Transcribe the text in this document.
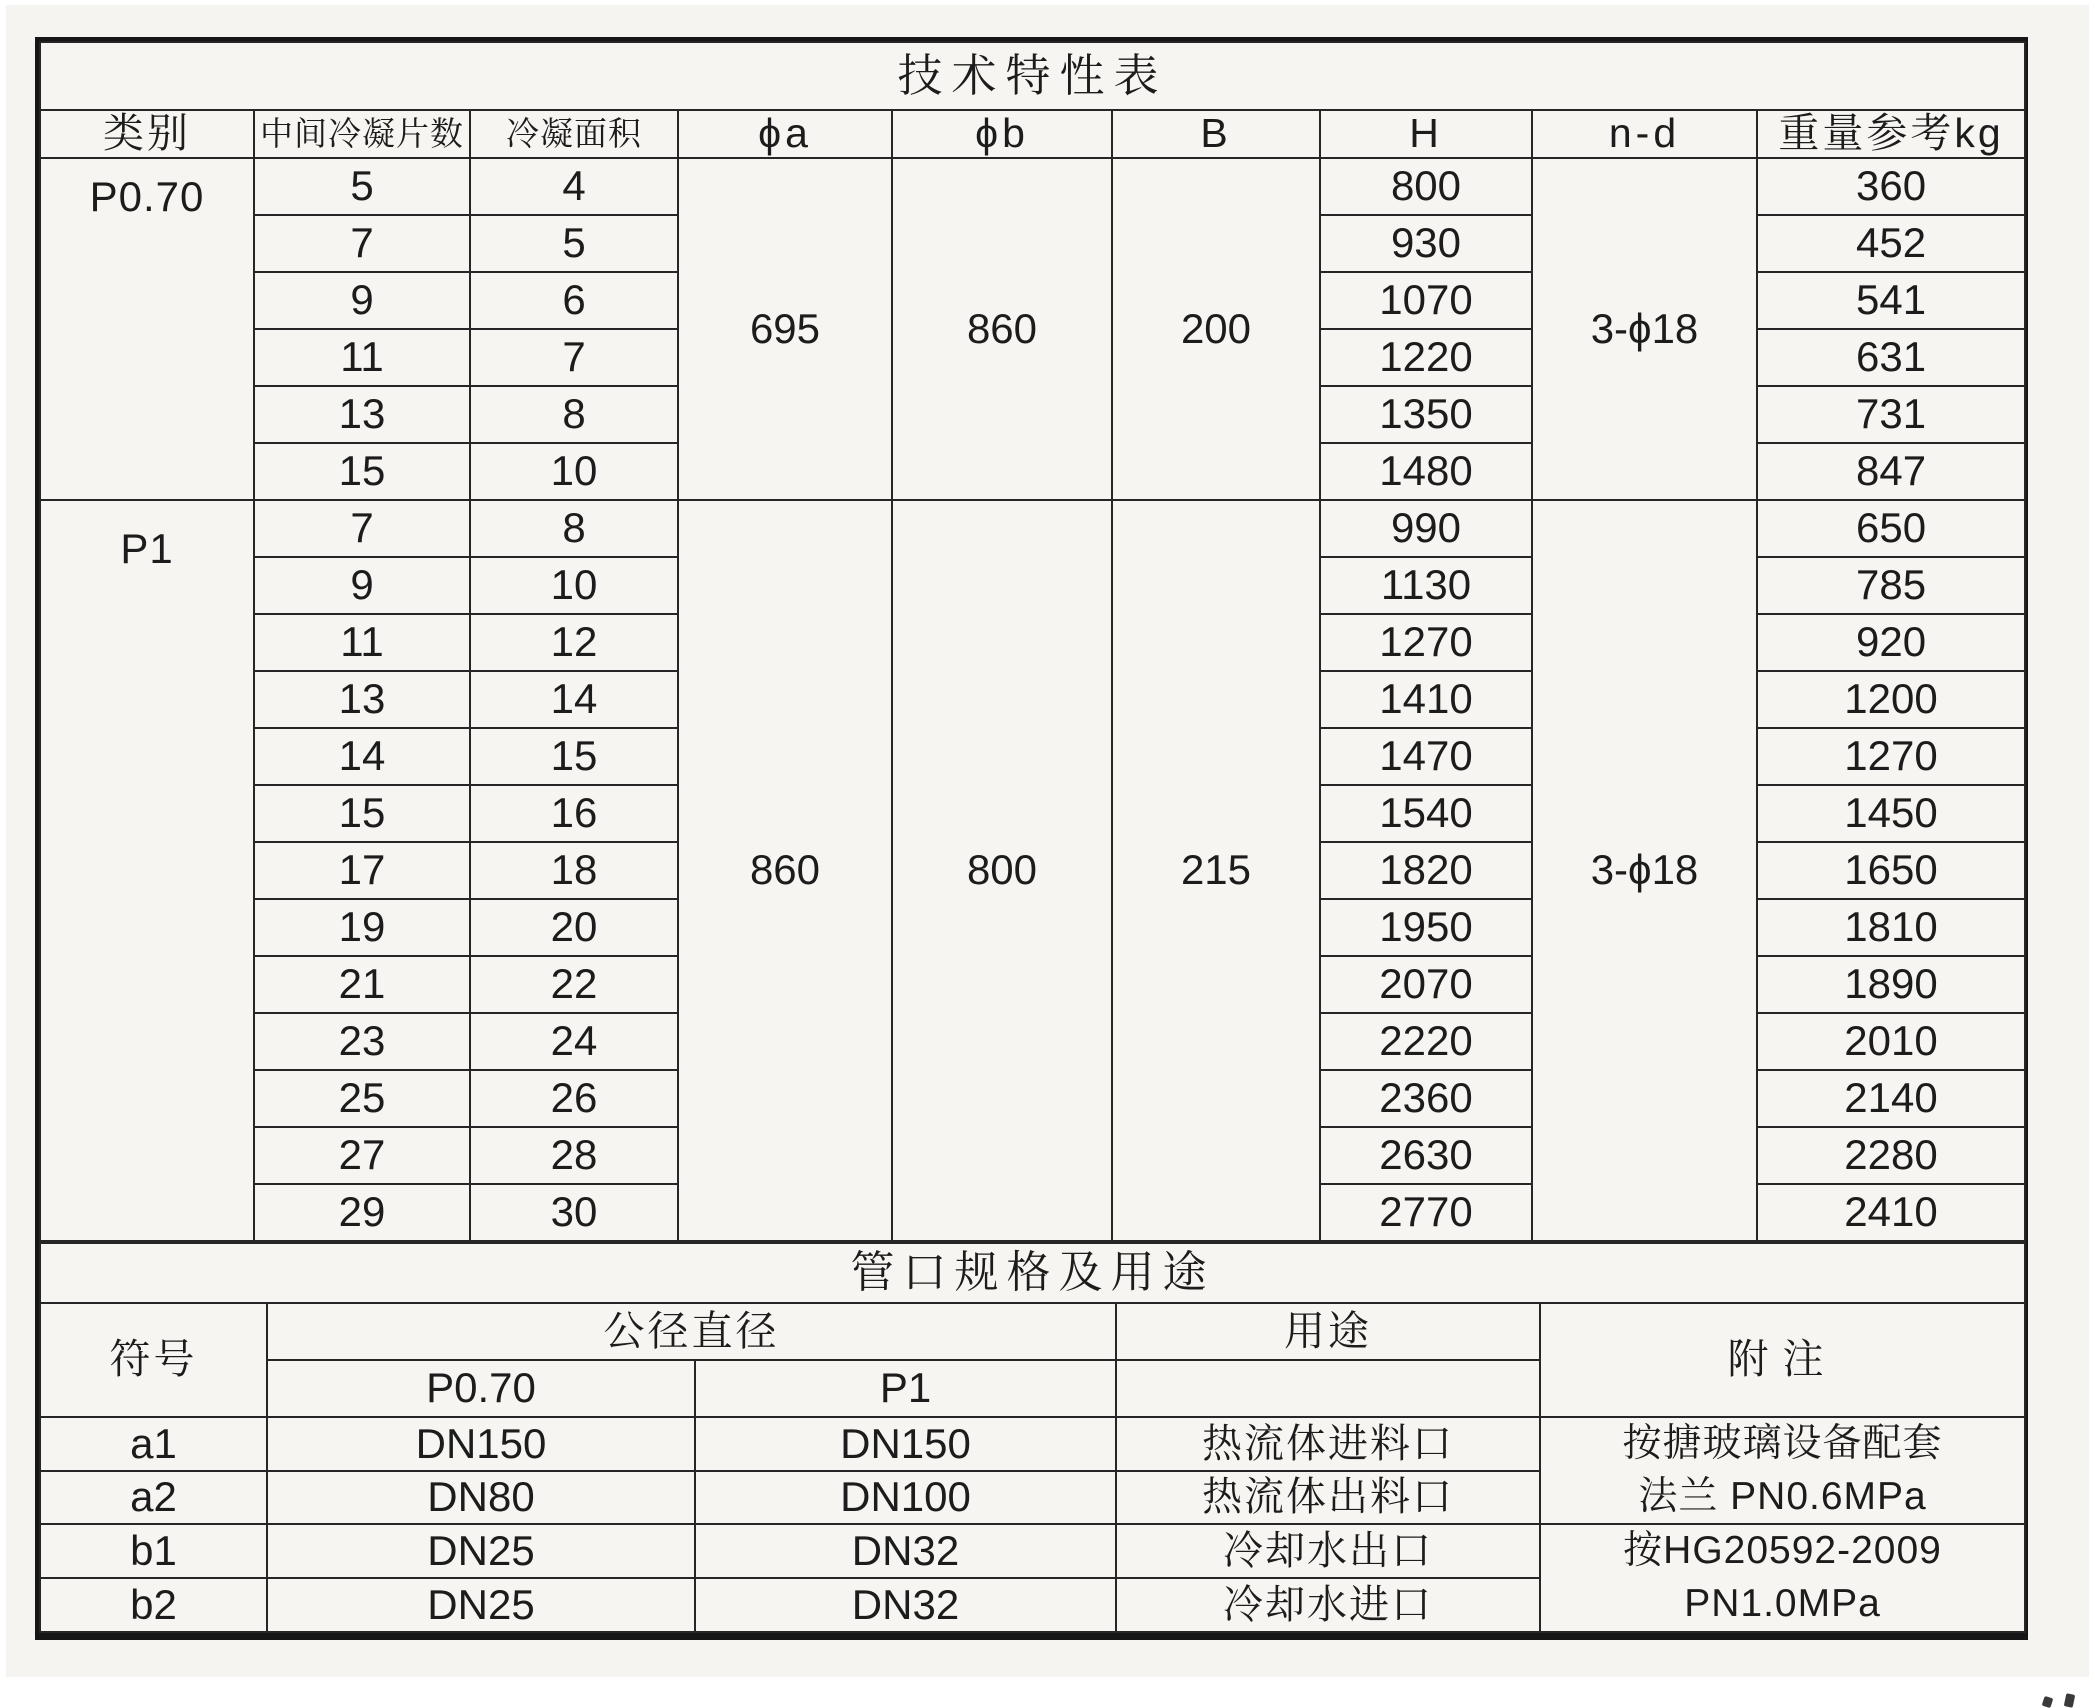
技术特性表								
类别	中间冷凝片数	冷凝面积	ϕa	ϕb	B	H	n-d	重量参考kg
P0.70	5	4	695	860	200	800	3-ϕ18	360
	7	5				930		452
	9	6				1070		541
	11	7				1220		631
	13	8				1350		731
	15	10				1480		847
P1	7	8	860	800	215	990	3-ϕ18	650
	9	10				1130		785
	11	12				1270		920
	13	14				1410		1200
	14	15				1470		1270
	15	16				1540		1450
	17	18				1820		1650
	19	20				1950		1810
	21	22				2070		1890
	23	24				2220		2010
	25	26				2360		2140
	27	28				2630		2280
	29	30				2770		2410
管口规格及用途				
符号	公径直径		用途	附注
	P0.70	P1		
a1	DN150	DN150	热流体进料口	按搪玻璃设备配套
法兰 PN0.6MPa

a2	DN80	DN100	热流体出料口	
b1	DN25	DN32	冷却水出口	按HG20592-2009
PN1.0MPa

b2	DN25	DN32	冷却水进口	
